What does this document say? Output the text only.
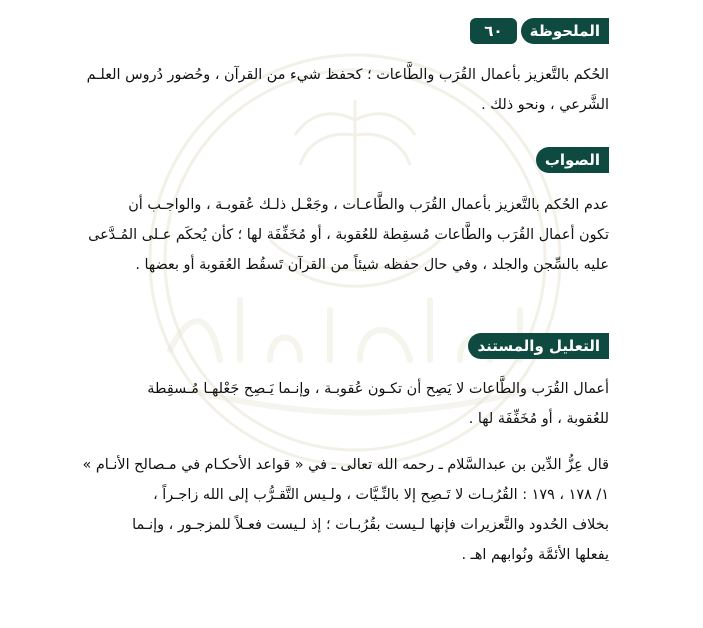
الملحوظة
٦٠
الحُكم بالتَّعزيز بأعمال القُرَب والطَّاعات ؛ كحفظ شيء من القرآن ، وحُضور دُروس العلـم
الشَّرعي ، ونحو ذلك .
الصواب
عدم الحُكم بالتَّعزيز بأعمال القُرَب والطَّاعـات ، وجَعْـل ذلـك عُقوبـة ، والواجـب أن
تكون أعمال القُرَب والطَّاعات مُسقِطة للعُقوبة ، أو مُخَفِّفَة لها ؛ كأن يُحكَم عـلى المُـدَّعى
عليه بالسِّجن والجلد ، وفي حال حفظه شيئاً من القرآن تَسقُط العُقوبة أو بعضها .
التعليل والمستند
أعمال القُرَب والطَّاعات لا يَصِح أن تكـون عُقوبـة ، وإنـما يَـصِح جَعْلهـا مُـسقِطة
للعُقوبة ، أو مُخَفِّفَة لها .
قال عِزُّ الدِّين بن عبدالسَّلام ـ رحمه الله تعالى ـ في « قواعد الأحكـام في مـصالح الأنـام »
١/ ١٧٨ ، ١٧٩ : القُرُبـات لا تَـصِح إلا بالنِّـيَّات ، ولـيس التَّقـرُّب إلى الله زاجـراً ،
بخلاف الحُدود والتَّعزيرات فإنها لـيست بقُرُبـات ؛ إذ لـيست فعـلاً للمزجـور ، وإنـما
يفعلها الأئمَّة ونُوابهم اهـ .
